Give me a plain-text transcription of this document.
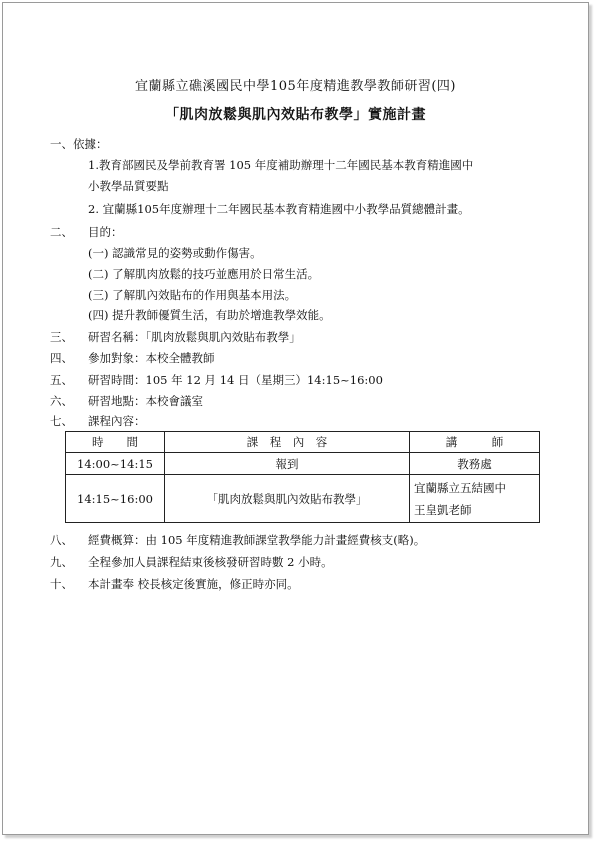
宜蘭縣立礁溪國民中學105年度精進教學教師研習(四)
「肌肉放鬆與肌內效貼布教學」實施計畫
一、依據：
1.教育部國民及學前教育署 105 年度補助辦理十二年國民基本教育精進國中
小教學品質要點
2. 宜蘭縣105年度辦理十二年國民基本教育精進國中小教學品質總體計畫。
二、 目的：
(一) 認識常見的姿勢或動作傷害。
(二) 了解肌肉放鬆的技巧並應用於日常生活。
(三) 了解肌內效貼布的作用與基本用法。
(四) 提升教師優質生活，有助於增進教學效能。
三、 研習名稱：「肌肉放鬆與肌內效貼布教學」
四、 參加對象：本校全體教師
五、 研習時間：105 年 12 月 14 日（星期三）14:15~16:00
六、 研習地點：本校會議室
七、 課程內容：
時　　間	課　程　內　容	講　　　師
14:00~14:15	報到	教務處
14:15~16:00	「肌肉放鬆與肌內效貼布教學」	宜蘭縣立五結國中
王皇凱老師
八、 經費概算：由 105 年度精進教師課堂教學能力計畫經費核支(略)。
九、 全程參加人員課程結束後核發研習時數 2 小時。
十、 本計畫奉 校長核定後實施，修正時亦同。
